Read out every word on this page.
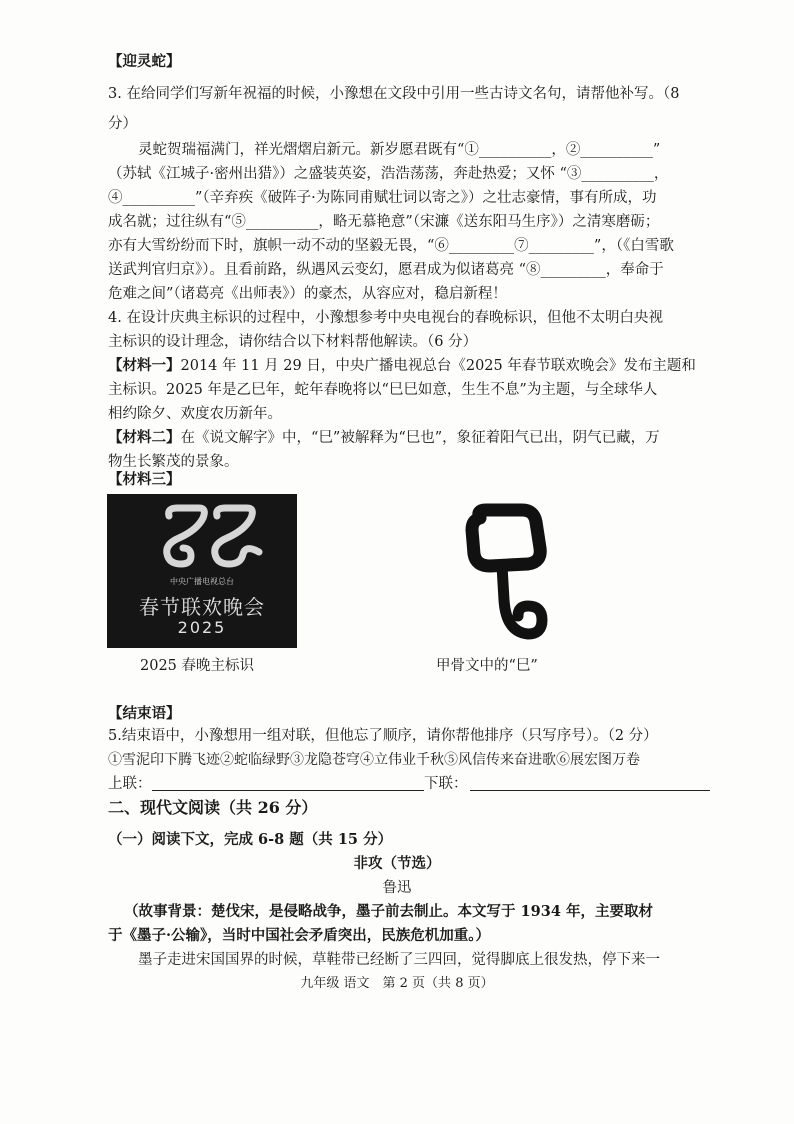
【迎灵蛇】
3. 在给同学们写新年祝福的时候，小豫想在文段中引用一些古诗文名句，请帮他补写。（8
分）
灵蛇贺瑞福满门，祥光熠熠启新元。新岁愿君既有“①__________，②__________”
（苏轼《江城子·密州出猎》）之盛装英姿，浩浩荡荡，奔赴热爱；又怀 “③__________，
④__________”（辛弃疾《破阵子·为陈同甫赋壮词以寄之》）之壮志豪情，事有所成，功
成名就；过往纵有“⑤__________，略无慕艳意”（宋濂《送东阳马生序》）之清寒磨砺；
亦有大雪纷纷而下时，旗帜一动不动的坚毅无畏，“⑥_________⑦_________”，（《白雪歌
送武判官归京》）。且看前路，纵遇风云变幻，愿君成为似诸葛亮 “⑧_________，奉命于
危难之间”（诸葛亮《出师表》）的豪杰，从容应对，稳启新程！
4. 在设计庆典主标识的过程中，小豫想参考中央电视台的春晚标识，但他不太明白央视
主标识的设计理念，请你结合以下材料帮他解读。（6 分）
【材料一】2014 年 11 月 29 日，中央广播电视总台《2025 年春节联欢晚会》发布主题和
主标识。2025 年是乙巳年，蛇年春晚将以“巳巳如意，生生不息”为主题，与全球华人
相约除夕、欢度农历新年。
【材料二】在《说文解字》中，“巳”被解释为“巳也”，象征着阳气已出，阴气已藏，万
物生长繁茂的景象。
【材料三】
中央广播电视总台
春节联欢晚会
2025
2025 春晚主标识	甲骨文中的“巳”
【结束语】
5.结束语中，小豫想用一组对联，但他忘了顺序，请你帮他排序（只写序号）。（2 分）
①雪泥印下腾飞迹②蛇临绿野③龙隐苍穹④立伟业千秋⑤风信传来奋进歌⑥展宏图万卷
上联：	下联：
二、现代文阅读（共 26 分）
（一）阅读下文，完成 6-8 题（共 15 分）
非攻（节选）
鲁迅
（故事背景：楚伐宋，是侵略战争，墨子前去制止。本文写于 1934 年，主要取材
于《墨子·公输》，当时中国社会矛盾突出，民族危机加重。）
墨子走进宋国国界的时候，草鞋带已经断了三四回，觉得脚底上很发热，停下来一
九年级 语文　第 2 页（共 8 页）
